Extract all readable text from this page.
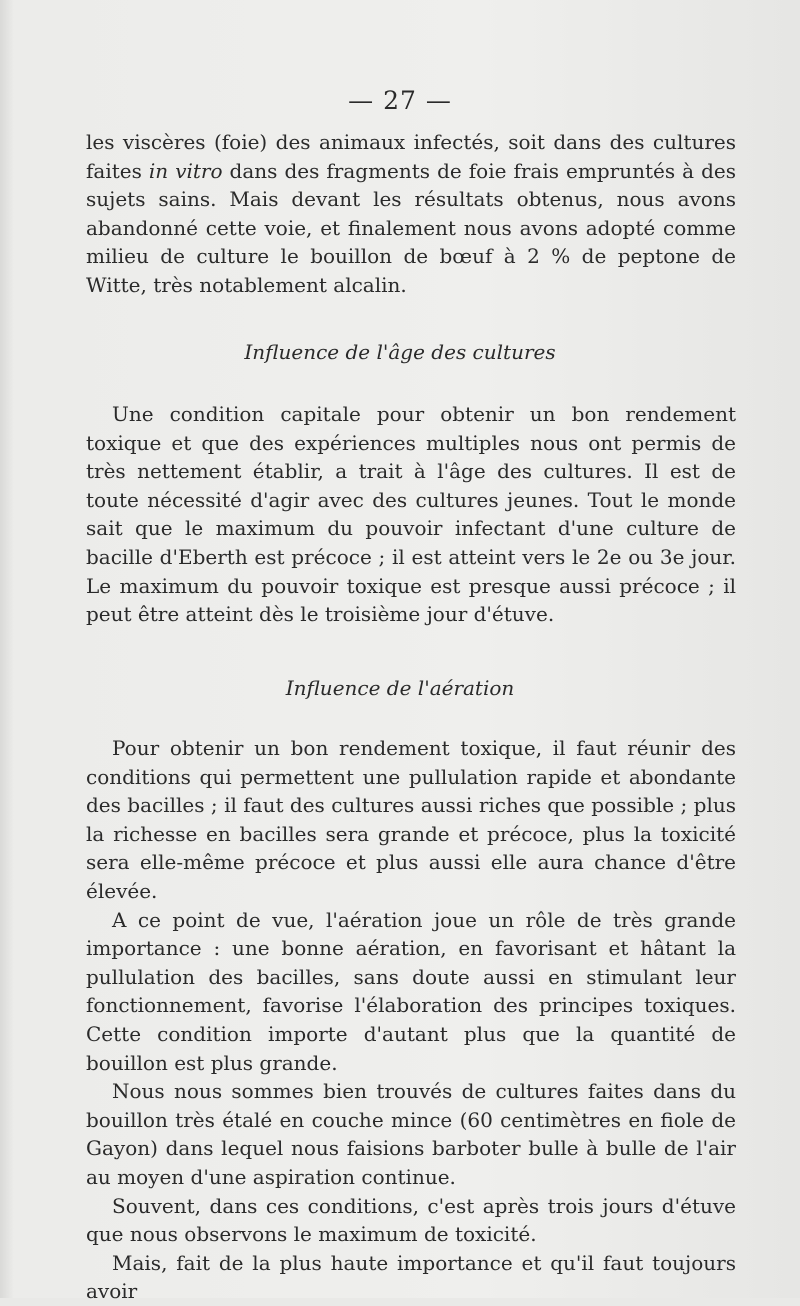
— 27 —

les viscères (foie) des animaux infectés, soit dans des cultures faites in vitro dans des fragments de foie frais empruntés à des sujets sains. Mais devant les résultats obtenus, nous avons abandonné cette voie, et finalement nous avons adopté comme milieu de culture le bouillon de bœuf à 2 % de peptone de Witte, très notablement alcalin.

Influence de l'âge des cultures

Une condition capitale pour obtenir un bon rendement toxique et que des expériences multiples nous ont permis de très nettement établir, a trait à l'âge des cultures. Il est de toute nécessité d'agir avec des cultures jeunes. Tout le monde sait que le maximum du pouvoir infectant d'une culture de bacille d'Eberth est précoce ; il est atteint vers le 2e ou 3e jour. Le maximum du pouvoir toxique est presque aussi précoce ; il peut être atteint dès le troisième jour d'étuve.

Influence de l'aération

Pour obtenir un bon rendement toxique, il faut réunir des conditions qui permettent une pullulation rapide et abondante des bacilles ; il faut des cultures aussi riches que possible ; plus la richesse en bacilles sera grande et précoce, plus la toxicité sera elle-même précoce et plus aussi elle aura chance d'être élevée.

A ce point de vue, l'aération joue un rôle de très grande importance : une bonne aération, en favorisant et hâtant la pullulation des bacilles, sans doute aussi en stimulant leur fonctionnement, favorise l'élaboration des principes toxiques. Cette condition importe d'autant plus que la quantité de bouillon est plus grande.

Nous nous sommes bien trouvés de cultures faites dans du bouillon très étalé en couche mince (60 centimètres en fiole de Gayon) dans lequel nous faisions barboter bulle à bulle de l'air au moyen d'une aspiration continue.

Souvent, dans ces conditions, c'est après trois jours d'étuve que nous observons le maximum de toxicité.

Mais, fait de la plus haute importance et qu'il faut toujours avoir
